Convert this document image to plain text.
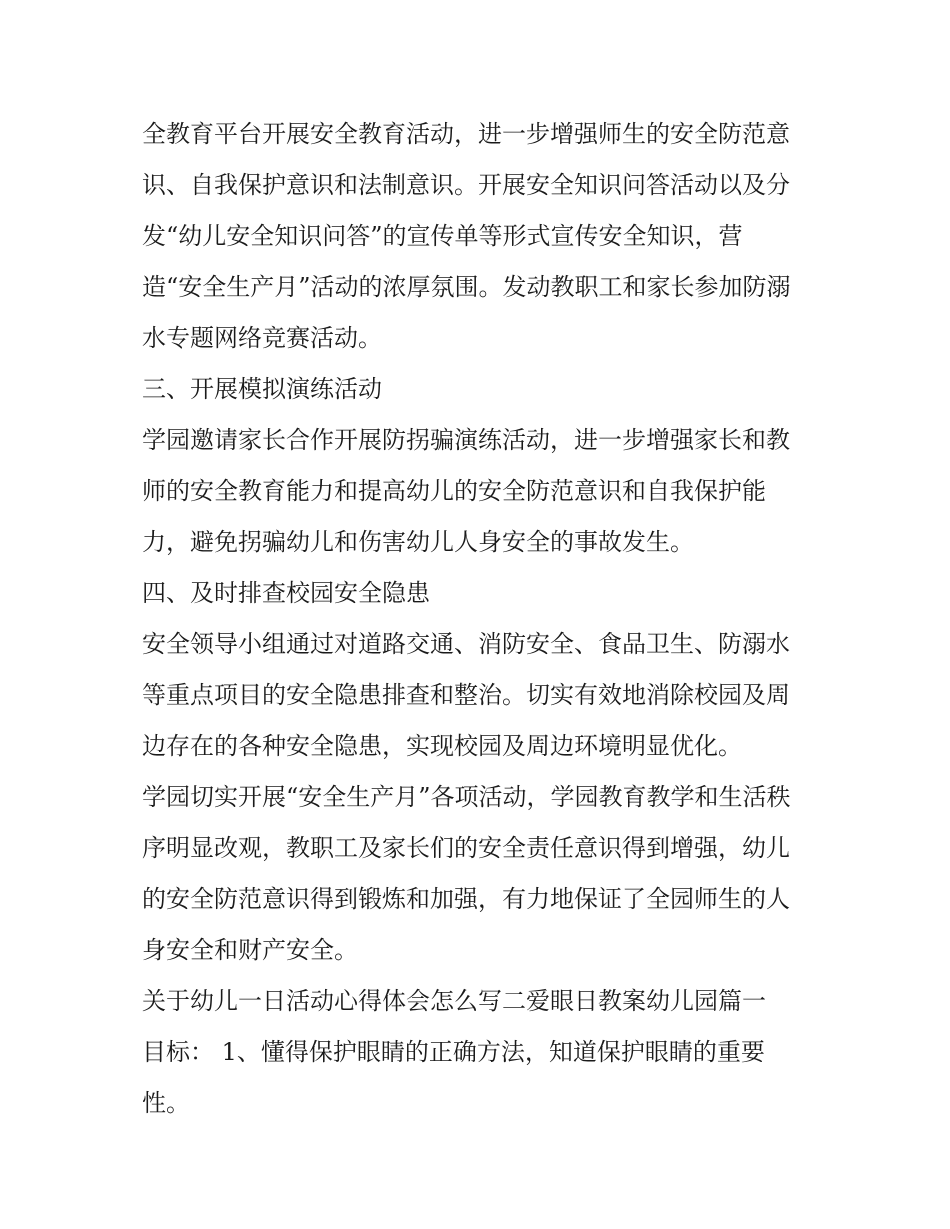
全教育平台开展安全教育活动，进一步增强师生的安全防范意
识、自我保护意识和法制意识。开展安全知识问答活动以及分
发“幼儿安全知识问答”的宣传单等形式宣传安全知识，营
造“安全生产月”活动的浓厚氛围。发动教职工和家长参加防溺
水专题网络竞赛活动。
三、开展模拟演练活动
学园邀请家长合作开展防拐骗演练活动，进一步增强家长和教
师的安全教育能力和提高幼儿的安全防范意识和自我保护能
力，避免拐骗幼儿和伤害幼儿人身安全的事故发生。
四、及时排查校园安全隐患
安全领导小组通过对道路交通、消防安全、食品卫生、防溺水
等重点项目的安全隐患排查和整治。切实有效地消除校园及周
边存在的各种安全隐患，实现校园及周边环境明显优化。
学园切实开展“安全生产月”各项活动，学园教育教学和生活秩
序明显改观，教职工及家长们的安全责任意识得到增强，幼儿
的安全防范意识得到锻炼和加强，有力地保证了全园师生的人
身安全和财产安全。
关于幼儿一日活动心得体会怎么写二爱眼日教案幼儿园篇一
目标： 1、懂得保护眼睛的正确方法，知道保护眼睛的重要
性。
